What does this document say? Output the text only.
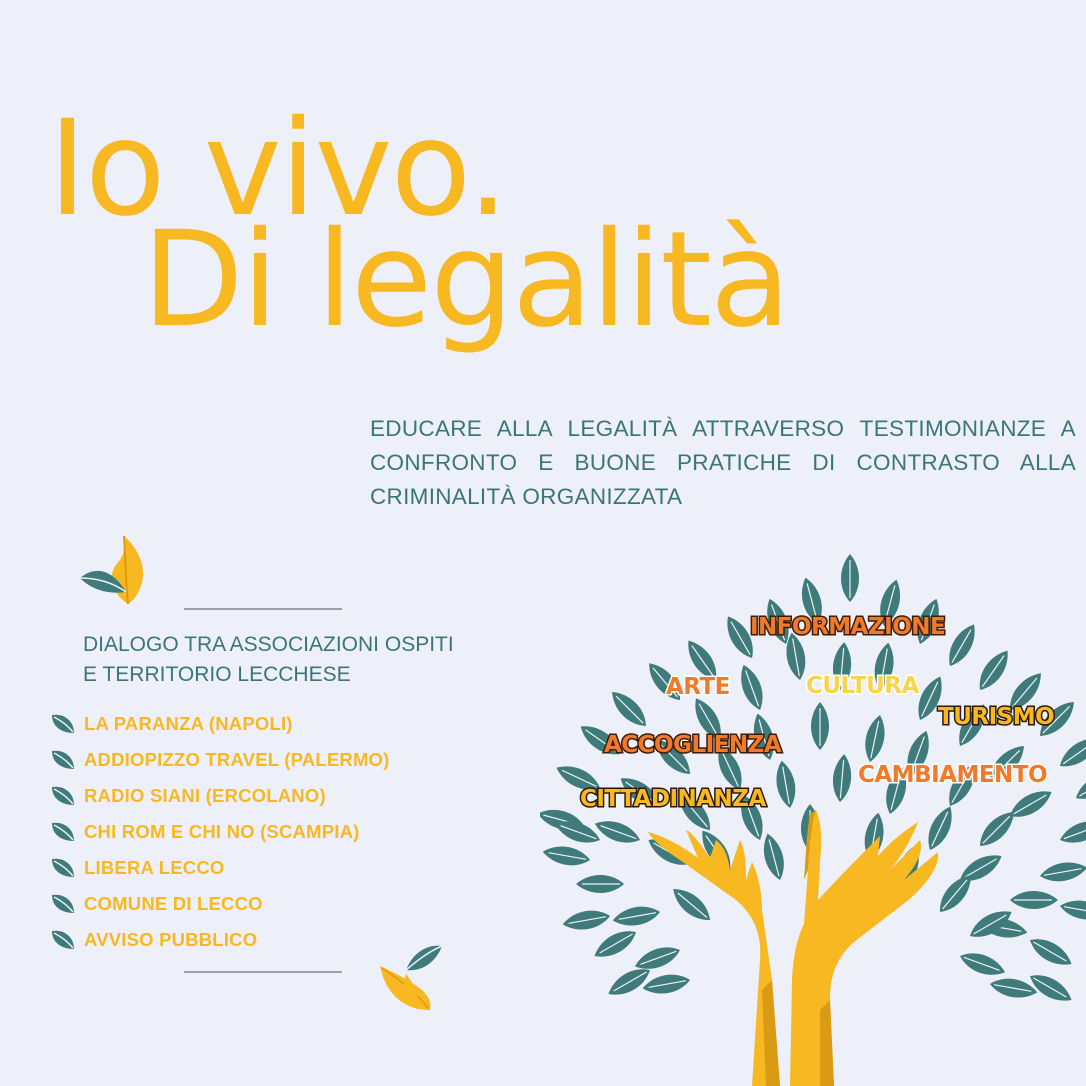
Io vivo.
Di legalità
EDUCARE ALLA LEGALITÀ ATTRAVERSO TESTIMONIANZE A CONFRONTO E BUONE PRATICHE DI CONTRASTO ALLA CRIMINALITÀ ORGANIZZATA
DIALOGO TRA ASSOCIAZIONI OSPITI
E TERRITORIO LECCHESE
LA PARANZA (NAPOLI)
ADDIOPIZZO TRAVEL (PALERMO)
RADIO SIANI (ERCOLANO)
CHI ROM E CHI NO (SCAMPIA)
LIBERA LECCO
COMUNE DI LECCO
AVVISO PUBBLICO
INFORMAZIONE
ARTE	CULTURA
TURISMO
ACCOGLIENZA
CAMBIAMENTO
CITTADINANZA
